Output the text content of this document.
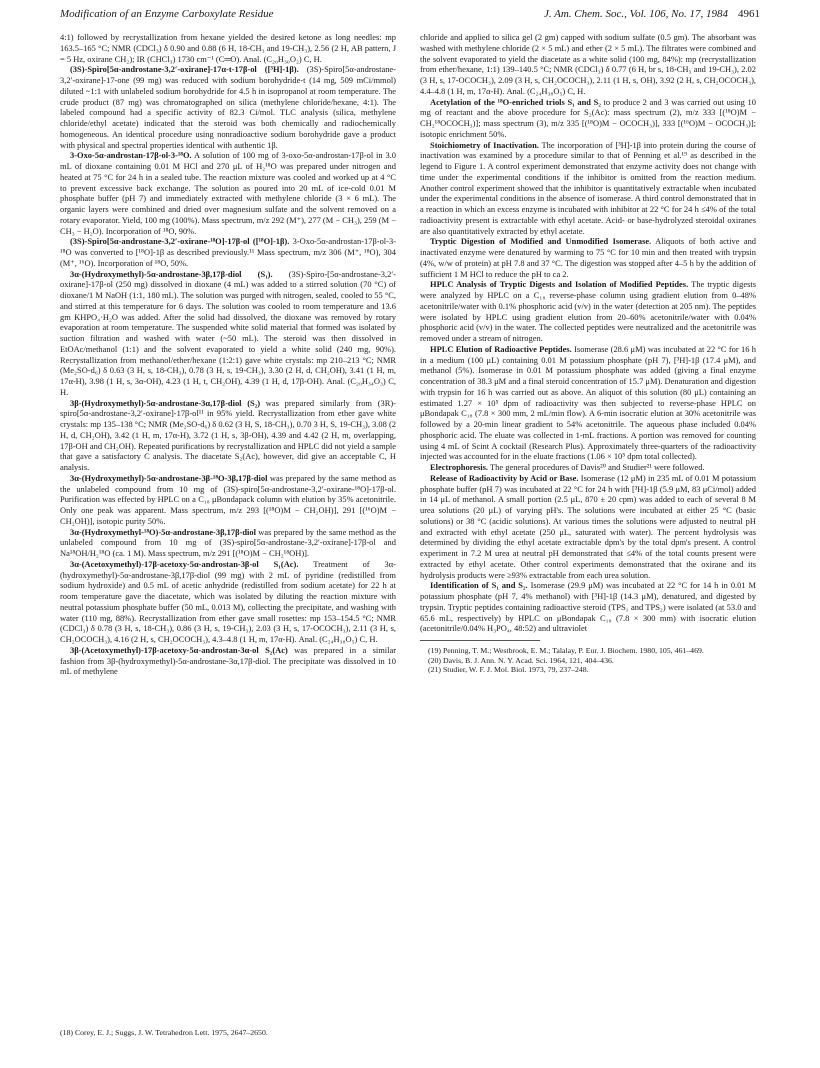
Modification of an Enzyme Carboxylate Residue	J. Am. Chem. Soc., Vol. 106, No. 17, 1984 4961

4:1) followed by recrystallization from hexane yielded the desired ketone as long needles: mp 163.5–165 °C; NMR (CDCl₃) δ 0.90 and 0.88 (6 H, 18-CH₃ and 19-CH₃), 2.56 (2 H, AB pattern, J = 5 Hz, oxirane CH₂); IR (CHCl₃) 1730 cm⁻¹ (C═O). Anal. (C₂₀H₃₀O₂) C, H.

(3S)-Spiro[5α-androstane-3,2′-oxirane]-17α-t-17β-ol ([³H]-1β). (3S)-Spiro[5α-androstane-3,2′-oxirane]-17-one (99 mg) was reduced with sodium borohydride-t (14 mg, 509 mCi/mmol) diluted ~1:1 with unlabeled sodium borohydride for 4.5 h in isopropanol at room temperature. The crude product (87 mg) was chromatographed on silica (methylene chloride/hexane, 4:1). The labeled compound had a specific activity of 82.3 Ci/mol. TLC analysis (silica, methylene chloride/ethyl acetate) indicated that the steroid was both chemically and radiochemically homogeneous. An identical procedure using nonradioactive sodium borohydride gave a product with physical and spectral properties identical with authentic 1β.

3-Oxo-5α-androstan-17β-ol-3-¹⁸O. A solution of 100 mg of 3-oxo-5α-androstan-17β-ol in 3.0 mL of dioxane containing 0.01 M HCl and 270 μL of H₂¹⁸O was prepared under nitrogen and heated at 75 °C for 24 h in a sealed tube. The reaction mixture was cooled and worked up at 4 °C to prevent excessive back exchange. The solution as poured into 20 mL of ice-cold 0.01 M phosphate buffer (pH 7) and immediately extracted with methylene chloride (3 × 6 mL). The organic layers were combined and dried over magnesium sulfate and the solvent removed on a rotary evaporator. Yield, 100 mg (100%). Mass spectrum, m/z 292 (M⁺), 277 (M − CH₃), 259 (M − CH₃ − H₂O). Incorporation of ¹⁸O, 90%.

(3S)-Spiro[5α-androstane-3,2′-oxirane-¹⁸O]-17β-ol ([¹⁸O]-1β). 3-Oxo-5α-androstan-17β-ol-3-¹⁸O was converted to [¹⁸O]-1β as described previously.¹¹ Mass spectrum, m/z 306 (M⁺, ¹⁸O), 304 (M⁺, ¹⁶O). Incorporation of ¹⁸O, 50%.

3α-(Hydroxymethyl)-5α-androstane-3β,17β-diol (S₁). (3S)-Spiro-[5α-androstane-3,2′-oxirane]-17β-ol (250 mg) dissolved in dioxane (4 mL) was added to a stirred solution (70 °C) of dioxane/1 M NaOH (1:1, 180 mL). The solution was purged with nitrogen, sealed, cooled to 55 °C, and stirred at this temperature for 6 days. The solution was cooled to room temperature and 13.6 gm KHPO₄·H₂O was added. After the solid had dissolved, the dioxane was removed by rotary evaporation at room temperature. The suspended white solid material that formed was isolated by suction filtration and washed with water (~50 mL). The steroid was then dissolved in EtOAc/methanol (1:1) and the solvent evaporated to yield a white solid (240 mg, 90%). Recrystallization from methanol/ether/hexane (1:2:1) gave white crystals: mp 210–213 °C; NMR (Me₂SO-d₆) δ 0.63 (3 H, s, 18-CH₃), 0.78 (3 H, s, 19-CH₃), 3.30 (2 H, d, CH₂OH), 3.41 (1 H, m, 17α-H), 3.98 (1 H, s, 3α-OH), 4.23 (1 H, t, CH₂OH), 4.39 (1 H, d, 17β-OH). Anal. (C₂₀H₃₄O₃) C, H.

3β-(Hydroxymethyl)-5α-androstane-3α,17β-diol (S₂) was prepared similarly from (3R)-spiro[5α-androstane-3,2′-oxirane]-17β-ol¹¹ in 95% yield. Recrystallization from ether gave white crystals: mp 135–138 °C; NMR (Me₂SO-d₆) δ 0.62 (3 H, S, 18-CH₃), 0.70 3 H, S, 19-CH₃), 3.08 (2 H, d, CH₂OH), 3.42 (1 H, m, 17α-H), 3.72 (1 H, s, 3β-OH), 4.39 and 4.42 (2 H, m, overlapping, 17β-OH and CH₂OH). Repeated purifications by recrystallization and HPLC did not yield a sample that gave a satisfactory C analysis. The diacetate S₂(Ac), however, did give an acceptable C, H analysis.

3α-(Hydroxymethyl)-5α-androstane-3β-¹⁸O-3β,17β-diol was prepared by the same method as the unlabeled compound from 10 mg of (3S)-spiro[5α-androstane-3,2′-oxirane-¹⁸O]-17β-ol. Purification was effected by HPLC on a C₁₈ μBondapack column with elution by 35% acetonitrile. Only one peak was apparent. Mass spectrum, m/z 293 [(¹⁸O)M − CH₂OH)], 291 [(¹⁶O)M − CH₂OH)], isotopic purity 50%.

3α-(Hydroxymethyl-¹⁸O)-5α-androstane-3β,17β-diol was prepared by the same method as the unlabeled compound from 10 mg of (3S)-spiro[5α-androstane-3,2′-oxirane]-17β-ol and Na¹⁸OH/H₂¹⁸O (ca. 1 M). Mass spectrum, m/z 291 [(¹⁸O)M − CH₂¹⁸OH)].

3α-(Acetoxymethyl)-17β-acetoxy-5α-androstan-3β-ol S₁(Ac). Treatment of 3α-(hydroxymethyl)-5α-androstane-3β,17β-diol (99 mg) with 2 mL of pyridine (redistilled from sodium hydroxide) and 0.5 mL of acetic anhydride (redistilled from sodium acetate) for 22 h at room temperature gave the diacetate, which was isolated by diluting the reaction mixture with neutral potassium phosphate buffer (50 mL, 0.013 M), collecting the precipitate, and washing with water (110 mg, 88%). Recrystallization from ether gave small rosettes: mp 153–154.5 °C; NMR (CDCl₃) δ 0.78 (3 H, s, 18-CH₃), 0.86 (3 H, s, 19-CH₃), 2.03 (3 H, s, 17-OCOCH₃), 2.11 (3 H, s, CH₂OCOCH₃), 4.16 (2 H, s, CH₂OCOCH₃), 4.3–4.8 (1 H, m, 17α-H). Anal. (C₂₄H₃₈O₅) C, H.

3β-(Acetoxymethyl)-17β-acetoxy-5α-androstan-3α-ol S₂(Ac) was prepared in a similar fashion from 3β-(hydroxymethyl)-5α-androstane-3α,17β-diol. The precipitate was dissolved in 10 mL of methylene

(18) Corey, E. J.; Suggs, J. W. Tetrahedron Lett. 1975, 2647–2650.

chloride and applied to silica gel (2 gm) capped with sodium sulfate (0.5 gm). The absorbant was washed with methylene chloride (2 × 5 mL) and ether (2 × 5 mL). The filtrates were combined and the solvent evaporated to yield the diacetate as a white solid (100 mg, 84%): mp (recrystallization from ether/hexane, 1:1) 139–140.5 °C; NMR (CDCl₃) δ 0.77 (6 H, br s, 18-CH₃ and 19-CH₃), 2.02 (3 H, s, 17-OCOCH₃), 2.09 (3 H, s, CH₂OCOCH₃), 2.11 (1 H, s, OH), 3.92 (2 H, s, CH₂OCOCH₃), 4.4–4.8 (1 H, m, 17α-H). Anal. (C₂₄H₃₈O₅) C, H.

Acetylation of the ¹⁸O-enriched triols S₁ and S₂ to produce 2 and 3 was carried out using 10 mg of reactant and the above procedure for S₂(Ac): mass spectrum (2), m/z 333 [(¹⁸O)M − CH₂¹⁸OCOCH₃)]; mass spectrum (3), m/z 335 [(¹⁸O)M − OCOCH₃)], 333 [(¹⁶O)M − OCOCH₃)]; isotopic enrichment 50%.

Stoichiometry of Inactivation. The incorporation of [³H]-1β into protein during the course of inactivation was examined by a procedure similar to that of Penning et al.¹⁹ as described in the legend to Figure 1. A control experiment demonstrated that enzyme activity does not change with time under the experimental conditions if the inhibitor is omitted from the reaction medium. Another control experiment showed that the inhibitor is quantitatively extractable when incubated under the experimental conditions in the absence of isomerase. A third control demonstrated that in a reaction in which an excess enzyme is incubated with inhibitor at 22 °C for 24 h ≤4% of the total radioactivity present is extractable with ethyl acetate. Acid- or base-hydrolyzed steroidal oxiranes are also quantitatively extracted by ethyl acetate.

Tryptic Digestion of Modified and Unmodified Isomerase. Aliquots of both active and inactivated enzyme were denatured by warming to 75 °C for 10 min and then treated with trypsin (4%, w/w of protein) at pH 7.8 and 37 °C. The digestion was stopped after 4–5 h by the addition of sufficient 1 M HCl to reduce the pH to ca 2.

HPLC Analysis of Tryptic Digests and Isolation of Modified Peptides. The tryptic digests were analyzed by HPLC on a C₁₈ reverse-phase column using gradient elution from 0–48% acetonitrile/water with 0.1% phosphoric acid (v/v) in the water (detection at 205 nm). The peptides were isolated by HPLC using gradient elution from 20–60% acetonitrile/water with 0.04% phosphoric acid (v/v) in the water. The collected peptides were neutralized and the acetonitrile was removed under a stream of nitrogen.

HPLC Elution of Radioactive Peptides. Isomerase (28.6 μM) was incubated at 22 °C for 16 h in a medium (100 μL) containing 0.01 M potassium phosphate (pH 7), [³H]-1β (17.4 μM), and methanol (5%). Isomerase in 0.01 M potassium phosphate was added (giving a final enzyme concentration of 38.3 μM and a final steroid concentration of 15.7 μM). Denaturation and digestion with trypsin for 16 h was carried out as above. An aliquot of this solution (80 μL) containing an estimated 1.27 × 10⁵ dpm of radioactivity was then subjected to reverse-phase HPLC on μBondapak C₁₈ (7.8 × 300 mm, 2 mL/min flow). A 6-min isocratic elution at 30% acetonitrile was followed by a 20-min linear gradient to 54% acetonitrile. The aqueous phase included 0.04% phosphoric acid. The eluate was collected in 1-mL fractions. A portion was removed for counting using 4 mL of Scint A cocktail (Research Plus). Approximately three-quarters of the radioactivity injected was accounted for in the eluate fractions (1.06 × 10⁵ dpm total collected).

Electrophoresis. The general procedures of Davis²⁰ and Studier²¹ were followed.

Release of Radioactivity by Acid or Base. Isomerase (12 μM) in 235 mL of 0.01 M potassium phosphate buffer (pH 7) was incubated at 22 °C for 24 h with [³H]-1β (5.9 μM, 83 μCi/mol) added in 14 μL of methanol. A small portion (2.5 μL, 870 ± 20 cpm) was added to each of several 8 M urea solutions (20 μL) of varying pH's. The solutions were incubated at either 25 °C (basic solutions) or 38 °C (acidic solutions). At various times the solutions were adjusted to neutral pH and extracted with ethyl acetate (250 μL, saturated with water). The percent hydrolysis was determined by dividing the ethyl acetate extractable dpm's by the total dpm's present. A control experiment in 7.2 M urea at neutral pH demonstrated that ≤4% of the total counts present were extracted by ethyl acetate. Other control experiments demonstrated that the oxirane and its hydrolysis products were ≥93% extractable from each urea solution.

Identification of S₁ and S₂. Isomerase (29.9 μM) was incubated at 22 °C for 14 h in 0.01 M potassium phosphate (pH 7, 4% methanol) with [³H]-1β (14.3 μM), denatured, and digested by trypsin. Tryptic peptides containing radioactive steroid (TPS₁ and TPS₂) were isolated (at 53.0 and 65.6 mL, respectively) by HPLC on μBondapak C₁₈ (7.8 × 300 mm) with isocratic elution (acetonitrile/0.04% H₃PO₄, 48:52) and ultraviolet

(19) Penning, T. M.; Westbrook, E. M.; Talalay, P. Eur. J. Biochem. 1980, 105, 461–469.
(20) Davis, B. J. Ann. N. Y. Acad. Sci. 1964, 121, 404–436.
(21) Studier, W. F. J. Mol. Biol. 1973, 79, 237–248.
